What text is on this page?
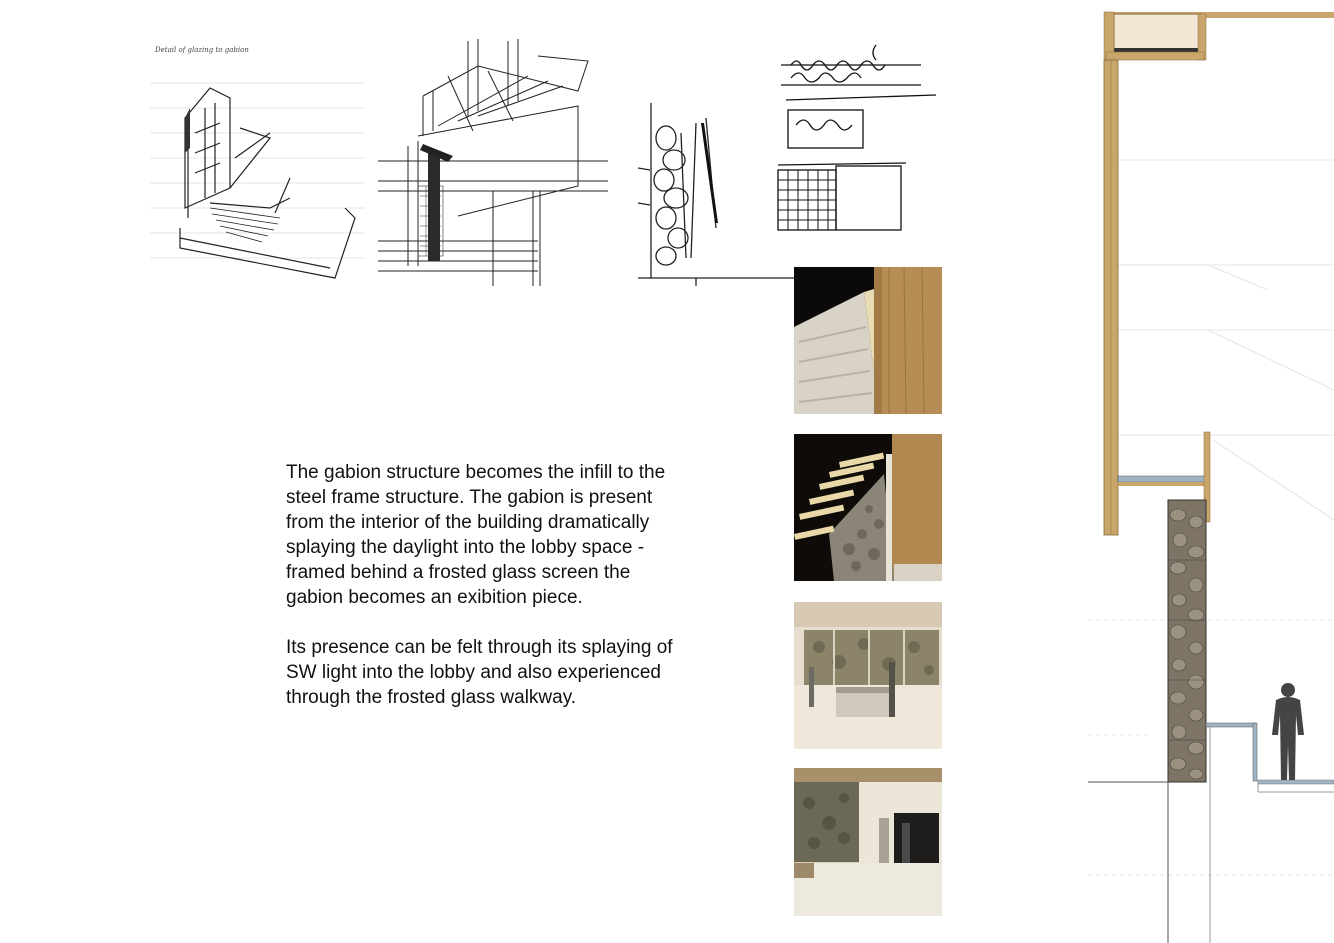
Detail of glazing to gabion

The gabion structure becomes the infill to the steel frame structure. The gabion is present from the interior of the building dramatically splaying the daylight into the lobby space - framed behind a frosted glass screen the gabion becomes an exibition piece.

Its presence can be felt through its splaying of SW light into the lobby and also experienced through the frosted glass walkway.
